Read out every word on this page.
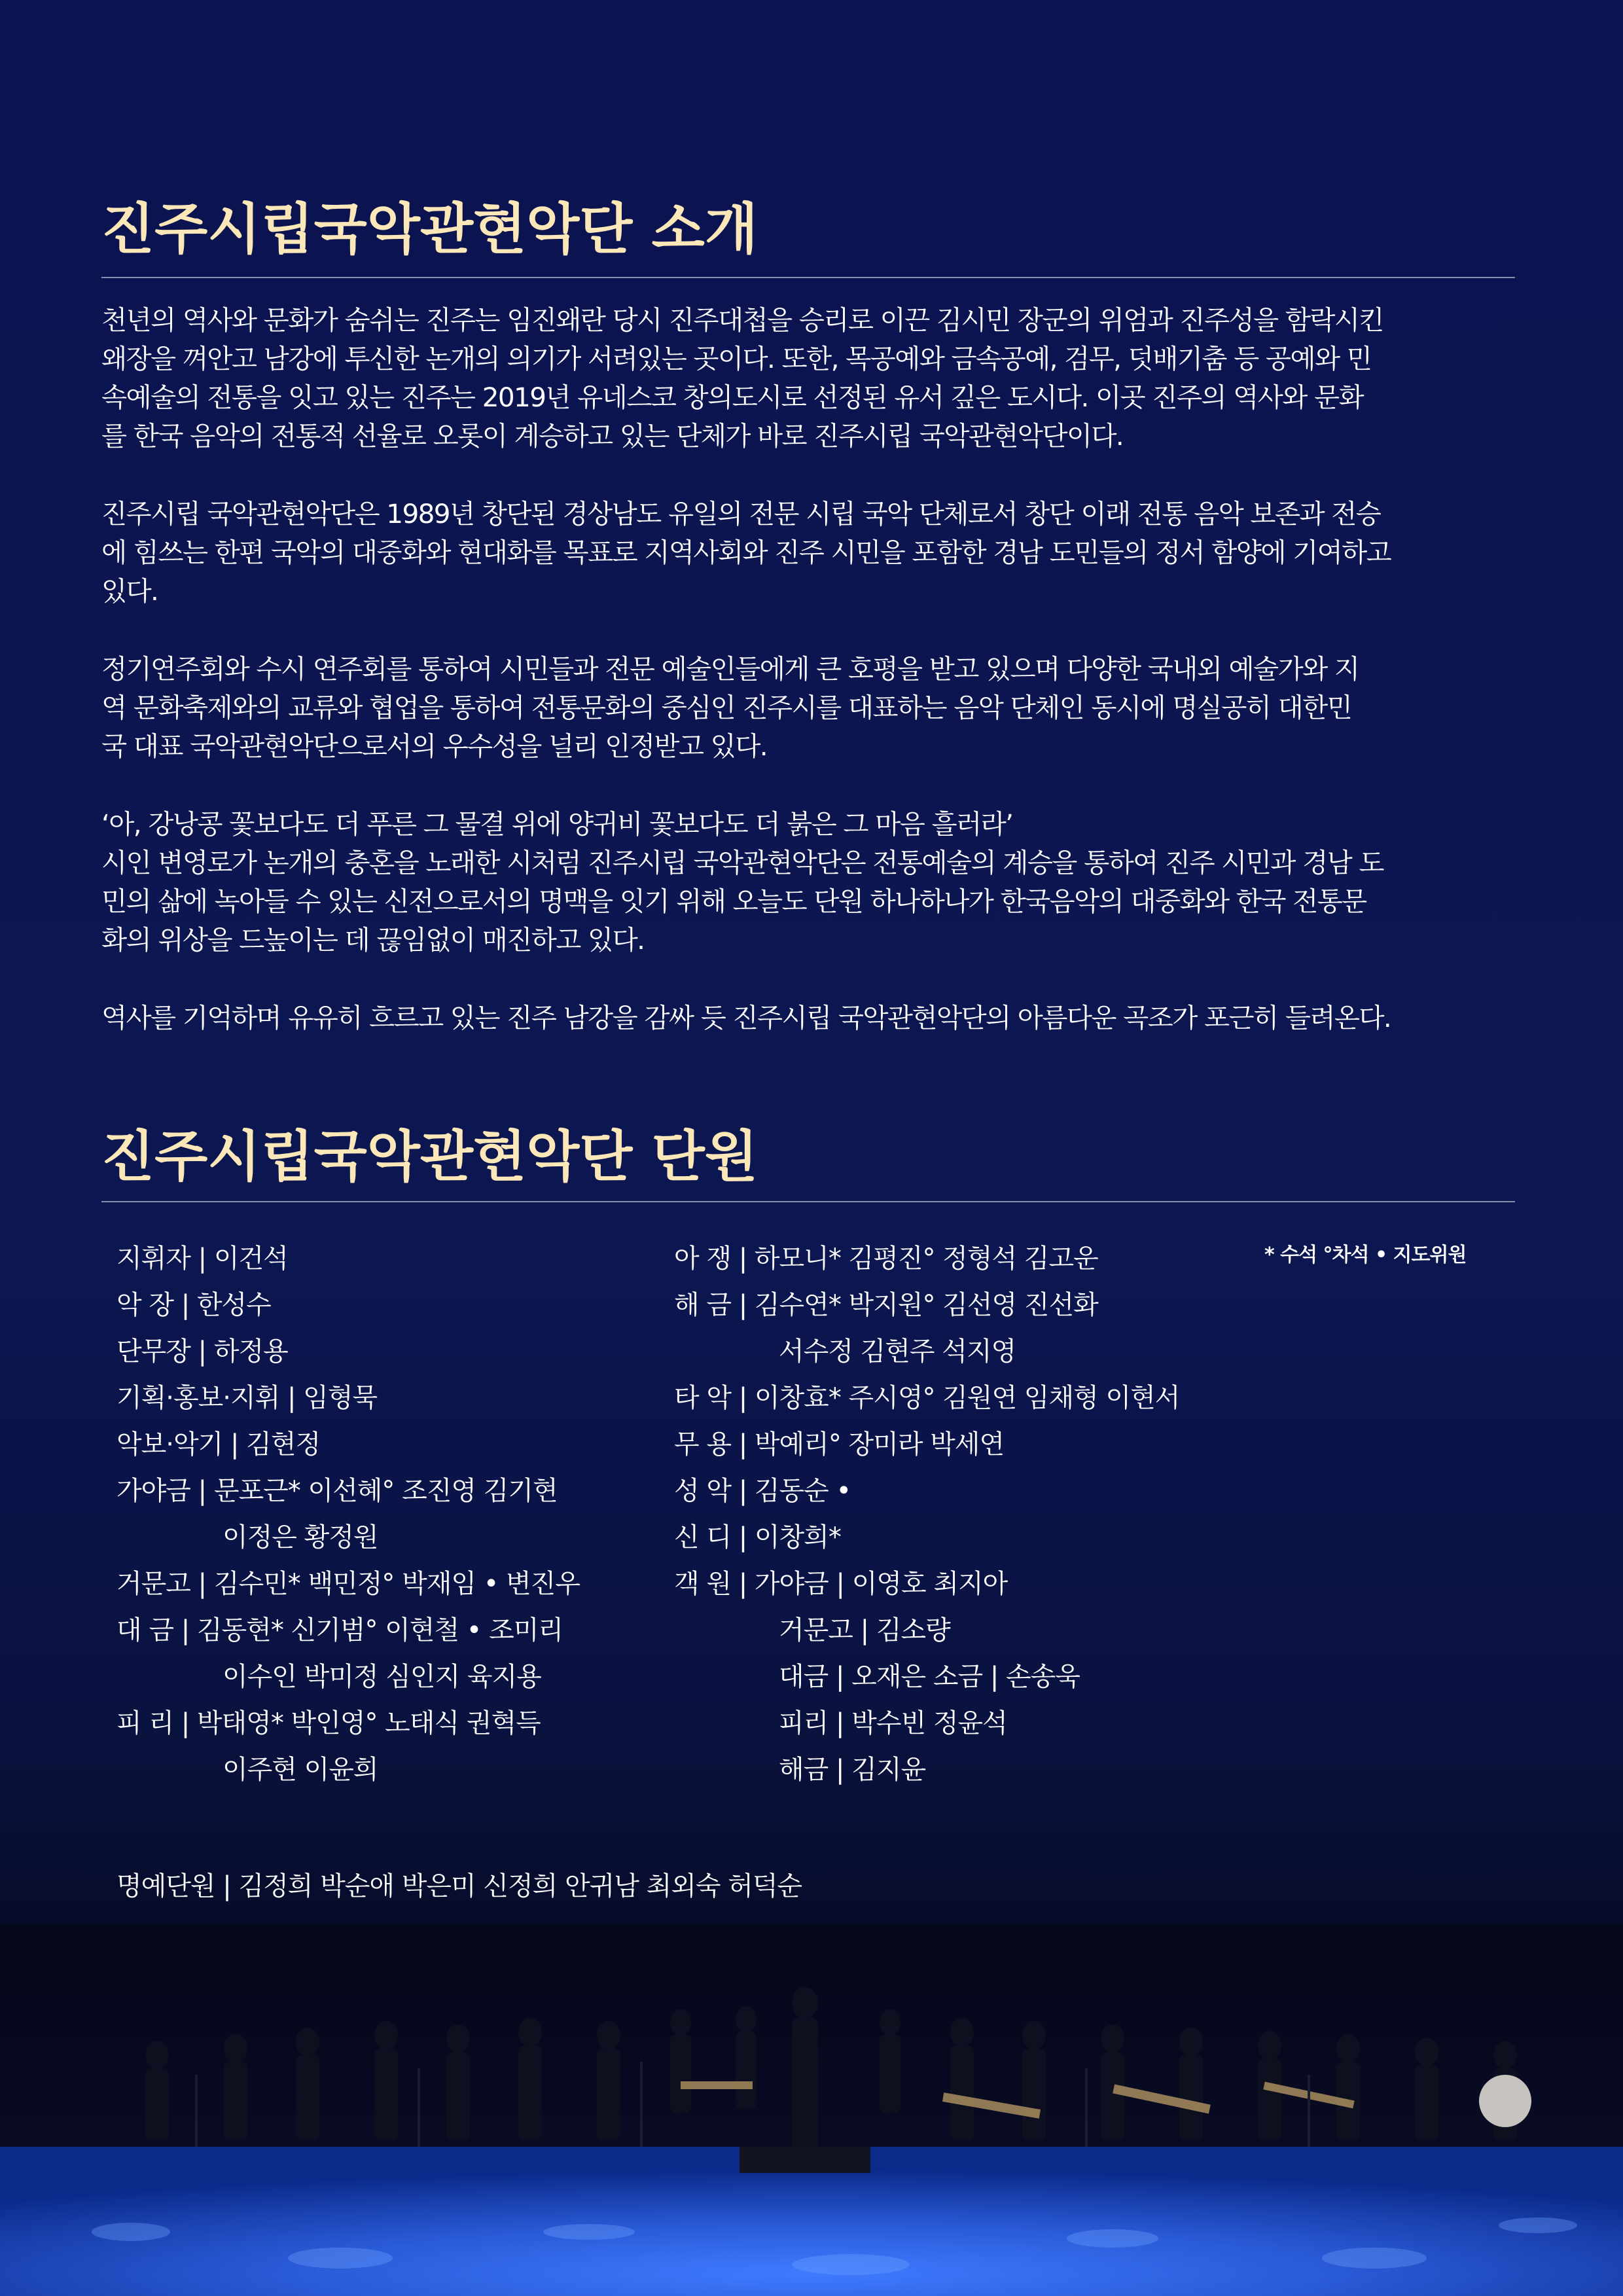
진주시립국악관현악단 소개

천년의 역사와 문화가 숨쉬는 진주는 임진왜란 당시 진주대첩을 승리로 이끈 김시민 장군의 위엄과 진주성을 함락시킨
왜장을 껴안고 남강에 투신한 논개의 의기가 서려있는 곳이다. 또한, 목공예와 금속공예, 검무, 덧배기춤 등 공예와 민
속예술의 전통을 잇고 있는 진주는 2019년 유네스코 창의도시로 선정된 유서 깊은 도시다. 이곳 진주의 역사와 문화
를 한국 음악의 전통적 선율로 오롯이 계승하고 있는 단체가 바로 진주시립 국악관현악단이다.

진주시립 국악관현악단은 1989년 창단된 경상남도 유일의 전문 시립 국악 단체로서 창단 이래 전통 음악 보존과 전승
에 힘쓰는 한편 국악의 대중화와 현대화를 목표로 지역사회와 진주 시민을 포함한 경남 도민들의 정서 함양에 기여하고
있다.

정기연주회와 수시 연주회를 통하여 시민들과 전문 예술인들에게 큰 호평을 받고 있으며 다양한 국내외 예술가와 지
역 문화축제와의 교류와 협업을 통하여 전통문화의 중심인 진주시를 대표하는 음악 단체인 동시에 명실공히 대한민
국 대표 국악관현악단으로서의 우수성을 널리 인정받고 있다.

‘아, 강낭콩 꽃보다도 더 푸른 그 물결 위에 양귀비 꽃보다도 더 붉은 그 마음 흘러라’
시인 변영로가 논개의 충혼을 노래한 시처럼 진주시립 국악관현악단은 전통예술의 계승을 통하여 진주 시민과 경남 도
민의 삶에 녹아들 수 있는 신전으로서의 명맥을 잇기 위해 오늘도 단원 하나하나가 한국음악의 대중화와 한국 전통문
화의 위상을 드높이는 데 끊임없이 매진하고 있다.

역사를 기억하며 유유히 흐르고 있는 진주 남강을 감싸 듯 진주시립 국악관현악단의 아름다운 곡조가 포근히 들려온다.

진주시립국악관현악단 단원
지휘자 | 이건석
악 장 | 한성수
단무장 | 하정용
기획·홍보·지휘 | 임형묵
악보·악기 | 김현정
가야금 | 문포근* 이선혜° 조진영 김기현
이정은 황정원
거문고 | 김수민* 백민정° 박재임 • 변진우
대 금 | 김동현* 신기범° 이현철 • 조미리
이수인 박미정 심인지 육지용
피 리 | 박태영* 박인영° 노태식 권혁득
이주현 이윤희
아 쟁 | 하모니* 김평진° 정형석 김고운
해 금 | 김수연* 박지원° 김선영 진선화
서수정 김현주 석지영
타 악 | 이창효* 주시영° 김원연 임채형 이현서
무 용 | 박예리° 장미라 박세연
성 악 | 김동순 •
신 디 | 이창희*
객 원 | 가야금 | 이영호 최지아
거문고 | 김소량
대금 | 오재은 소금 | 손송욱
피리 | 박수빈 정윤석
해금 | 김지윤
* 수석 °차석 • 지도위원
명예단원 | 김정희 박순애 박은미 신정희 안귀남 최외숙 허덕순
